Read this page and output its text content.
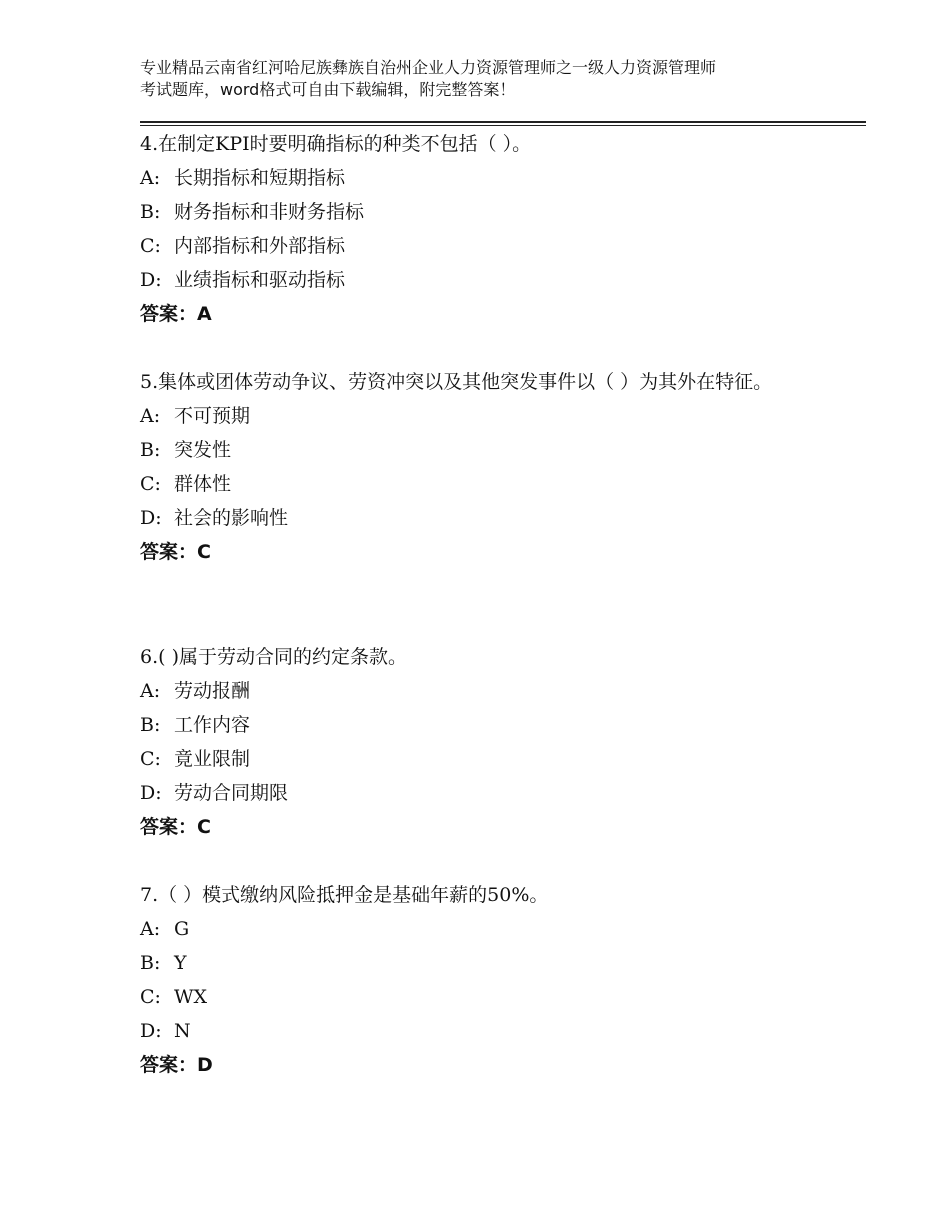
专业精品云南省红河哈尼族彝族自治州企业人力资源管理师之一级人力资源管理师
考试题库，word格式可自由下载编辑，附完整答案！

4.在制定KPI时要明确指标的种类不包括（ ）。

A: 长期指标和短期指标
B: 财务指标和非财务指标
C: 内部指标和外部指标
D: 业绩指标和驱动指标
答案：A

5.集体或团体劳动争议、劳资冲突以及其他突发事件以（ ）为其外在特征。

A: 不可预期
B: 突发性
C: 群体性
D: 社会的影响性
答案：C

6.( )属于劳动合同的约定条款。

A: 劳动报酬
B: 工作内容
C: 竟业限制
D: 劳动合同期限
答案：C

7.（ ）模式缴纳风险抵押金是基础年薪的50%。

A: G
B: Y
C: WX
D: N
答案：D
